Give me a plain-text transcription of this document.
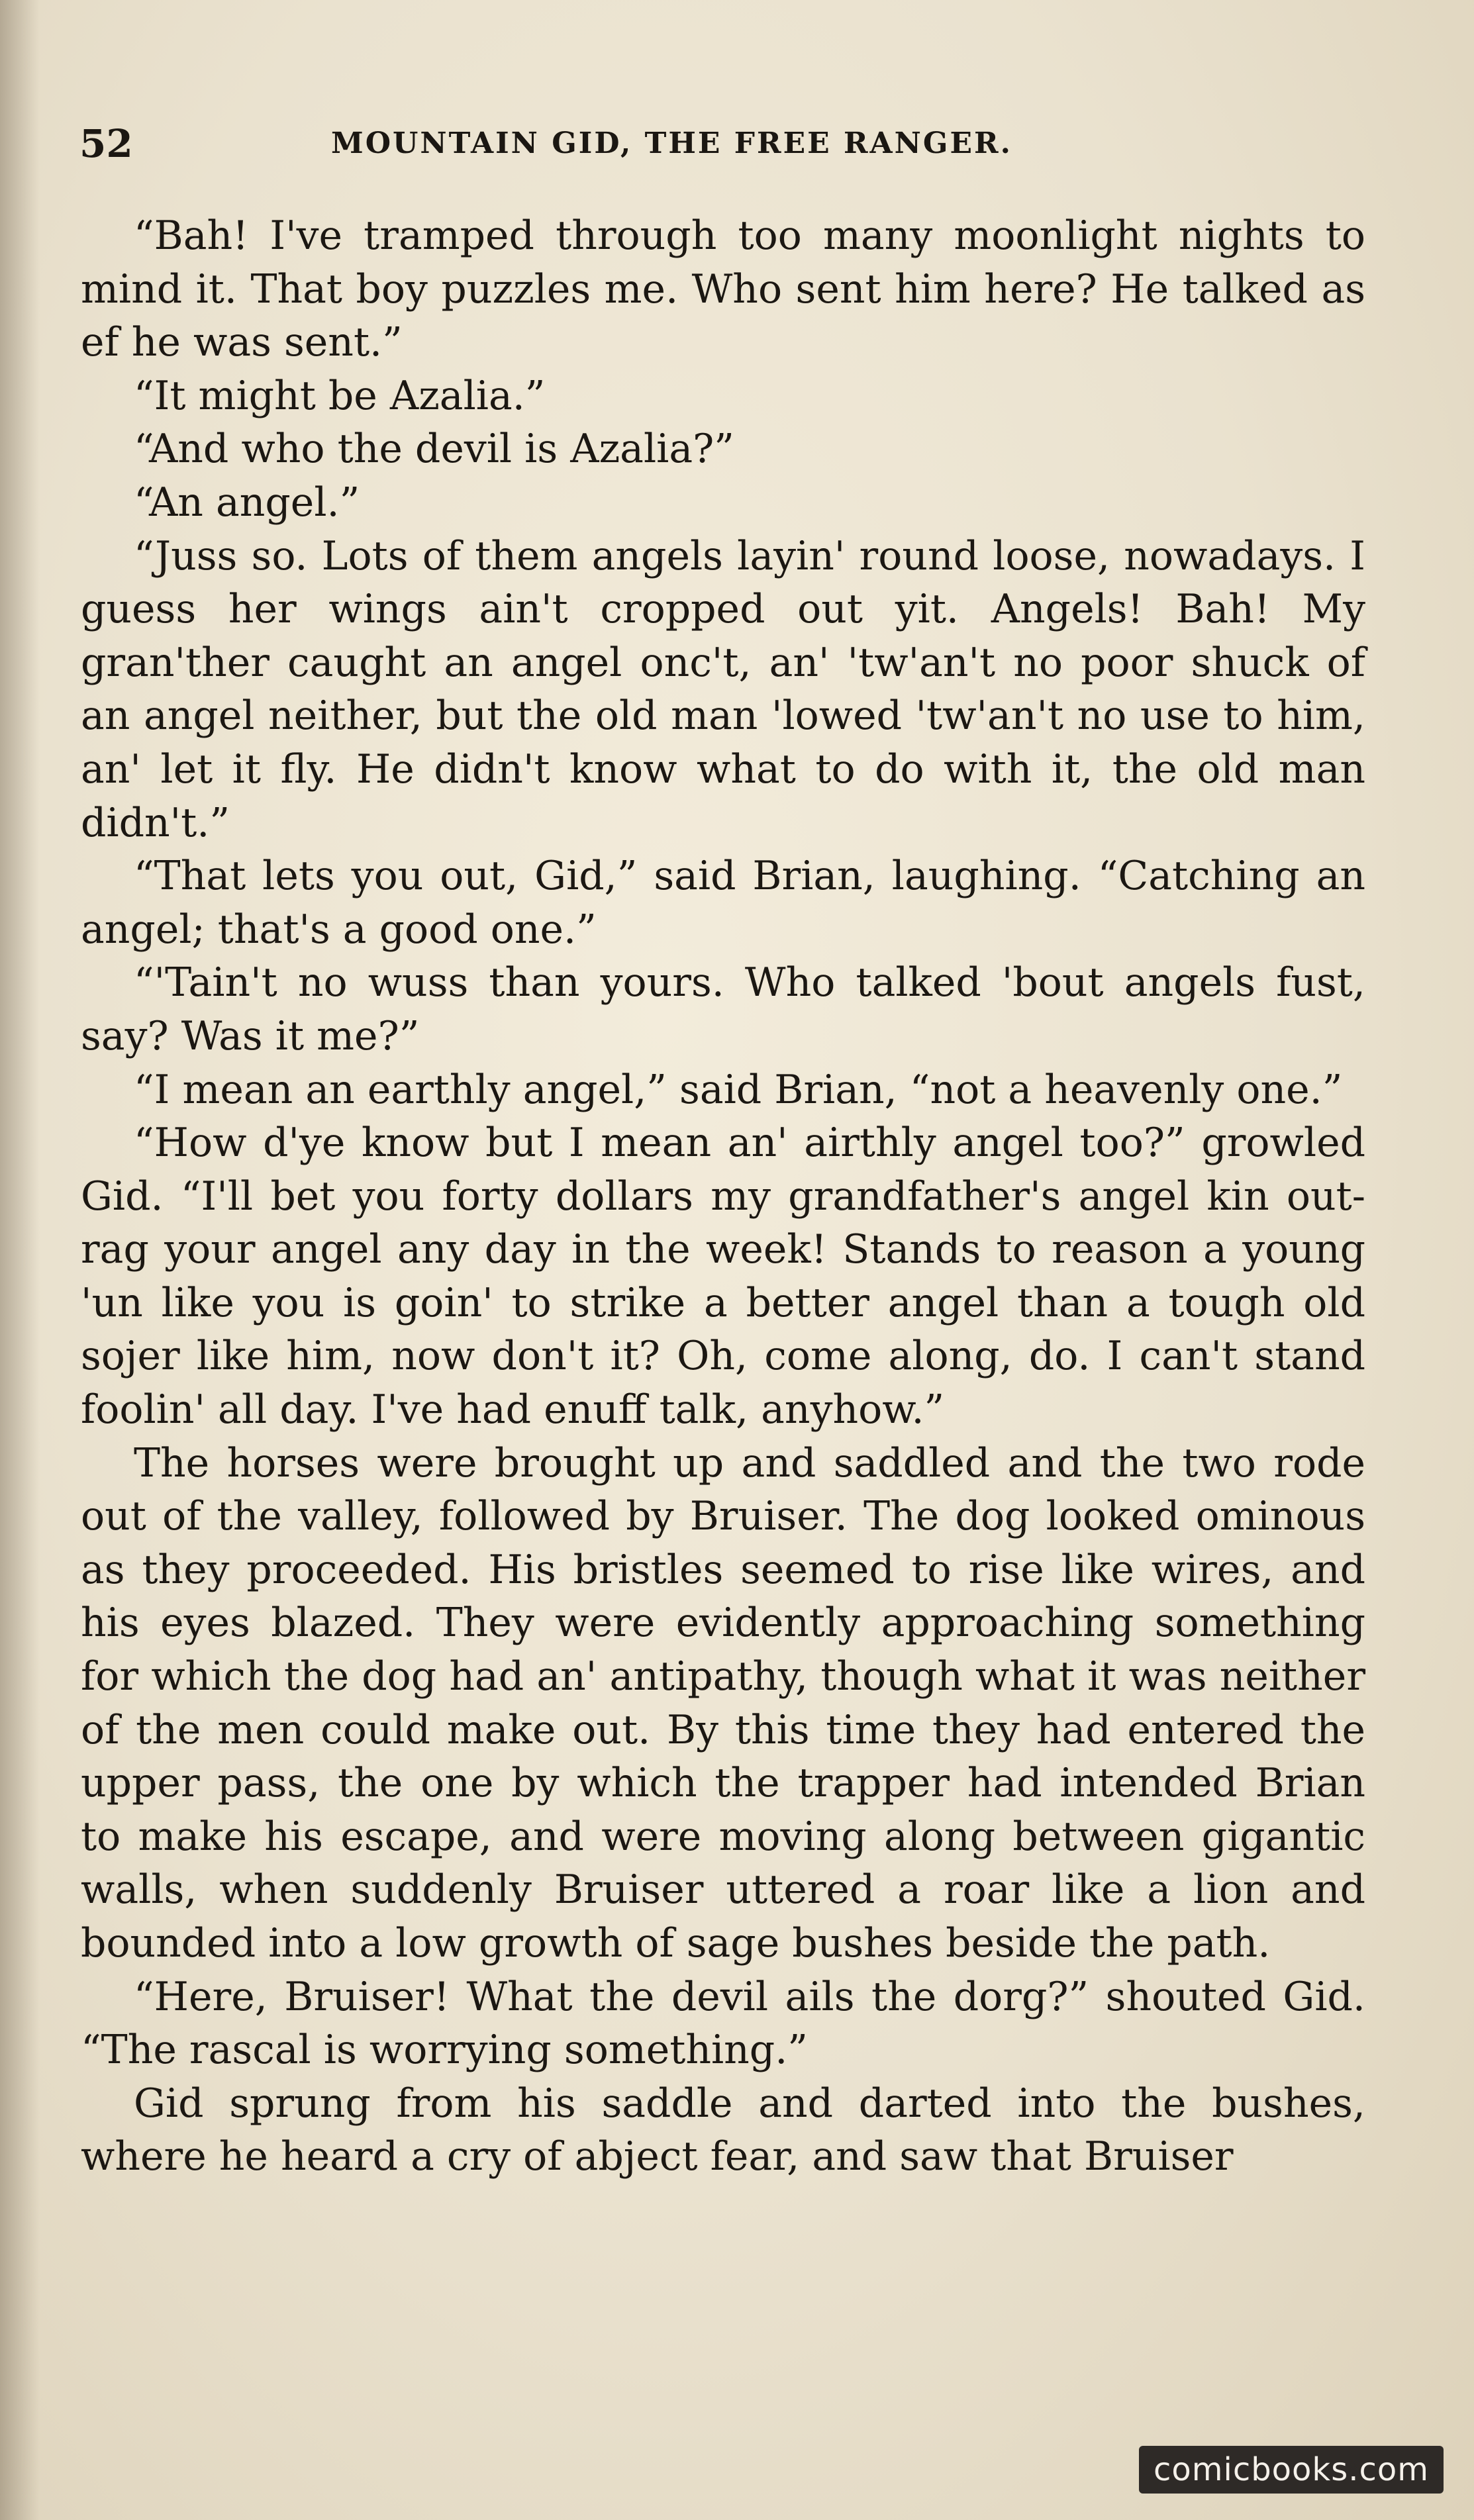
52	MOUNTAIN GID, THE FREE RANGER.

“Bah! I've tramped through too many moonlight nights to mind it. That boy puzzles me. Who sent him here? He talked as ef he was sent.”

“It might be Azalia.”

“And who the devil is Azalia?”

“An angel.”

“Juss so. Lots of them angels layin' round loose, nowadays. I guess her wings ain't cropped out yit. Angels! Bah! My gran'ther caught an angel onc't, an' 'tw'an't no poor shuck of an angel neither, but the old man 'lowed 'tw'an't no use to him, an' let it fly. He didn't know what to do with it, the old man didn't.”

“That lets you out, Gid,” said Brian, laughing. “Catching an angel; that's a good one.”

“'Tain't no wuss than yours. Who talked 'bout angels fust, say? Was it me?”

“I mean an earthly angel,” said Brian, “not a heavenly one.”

“How d'ye know but I mean an' airthly angel too?” growled Gid. “I'll bet you forty dollars my grandfather's angel kin out-rag your angel any day in the week! Stands to reason a young 'un like you is goin' to strike a better angel than a tough old sojer like him, now don't it? Oh, come along, do. I can't stand foolin' all day. I've had enuff talk, anyhow.”

The horses were brought up and saddled and the two rode out of the valley, followed by Bruiser. The dog looked ominous as they proceeded. His bristles seemed to rise like wires, and his eyes blazed. They were evidently approaching something for which the dog had an' antipathy, though what it was neither of the men could make out. By this time they had entered the upper pass, the one by which the trapper had intended Brian to make his escape, and were moving along between gigantic walls, when suddenly Bruiser uttered a roar like a lion and bounded into a low growth of sage bushes beside the path.

“Here, Bruiser! What the devil ails the dorg?” shouted Gid. “The rascal is worrying something.”

Gid sprung from his saddle and darted into the bushes, where he heard a cry of abject fear, and saw that Bruiser

comicbooks.com
